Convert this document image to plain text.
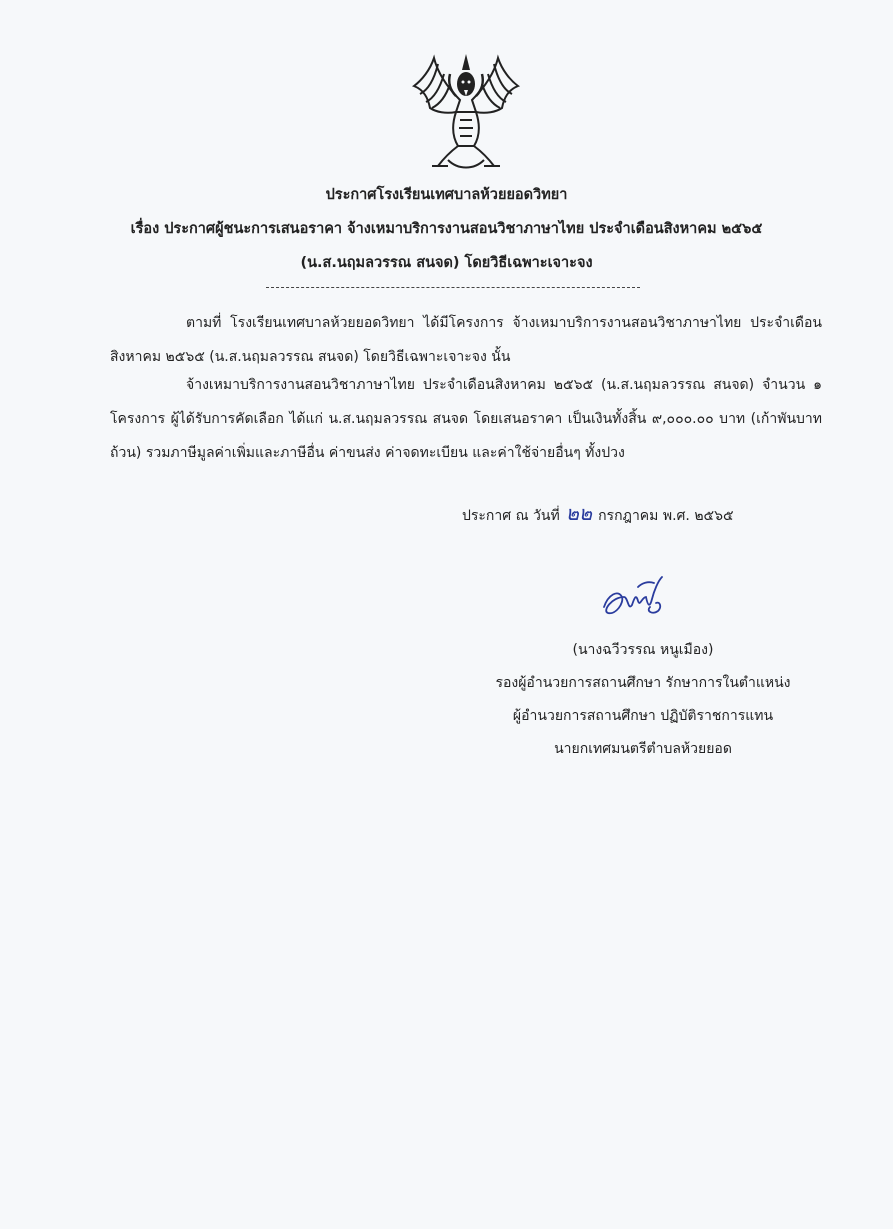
ประกาศโรงเรียนเทศบาลห้วยยอดวิทยา
เรื่อง ประกาศผู้ชนะการเสนอราคา จ้างเหมาบริการงานสอนวิชาภาษาไทย ประจำเดือนสิงหาคม ๒๕๖๕
(น.ส.นฤมลวรรณ สนจด) โดยวิธีเฉพาะเจาะจง
ตามที่ โรงเรียนเทศบาลห้วยยอดวิทยา ได้มีโครงการ จ้างเหมาบริการงานสอนวิชาภาษาไทย ประจำเดือน สิงหาคม ๒๕๖๕ (น.ส.นฤมลวรรณ สนจด) โดยวิธีเฉพาะเจาะจง นั้น
จ้างเหมาบริการงานสอนวิชาภาษาไทย ประจำเดือนสิงหาคม ๒๕๖๕ (น.ส.นฤมลวรรณ สนจด) จำนวน ๑ โครงการ ผู้ได้รับการคัดเลือก ได้แก่ น.ส.นฤมลวรรณ สนจด โดยเสนอราคา เป็นเงินทั้งสิ้น ๙,๐๐๐.๐๐ บาท (เก้าพันบาทถ้วน) รวมภาษีมูลค่าเพิ่มและภาษีอื่น ค่าขนส่ง ค่าจดทะเบียน และค่าใช้จ่ายอื่นๆ ทั้งปวง
ประกาศ ณ วันที่ ๒๒ กรกฎาคม พ.ศ. ๒๕๖๕
(นางฉวีวรรณ หนูเมือง)
รองผู้อำนวยการสถานศึกษา รักษาการในตำแหน่ง
ผู้อำนวยการสถานศึกษา ปฏิบัติราชการแทน
นายกเทศมนตรีตำบลห้วยยอด
